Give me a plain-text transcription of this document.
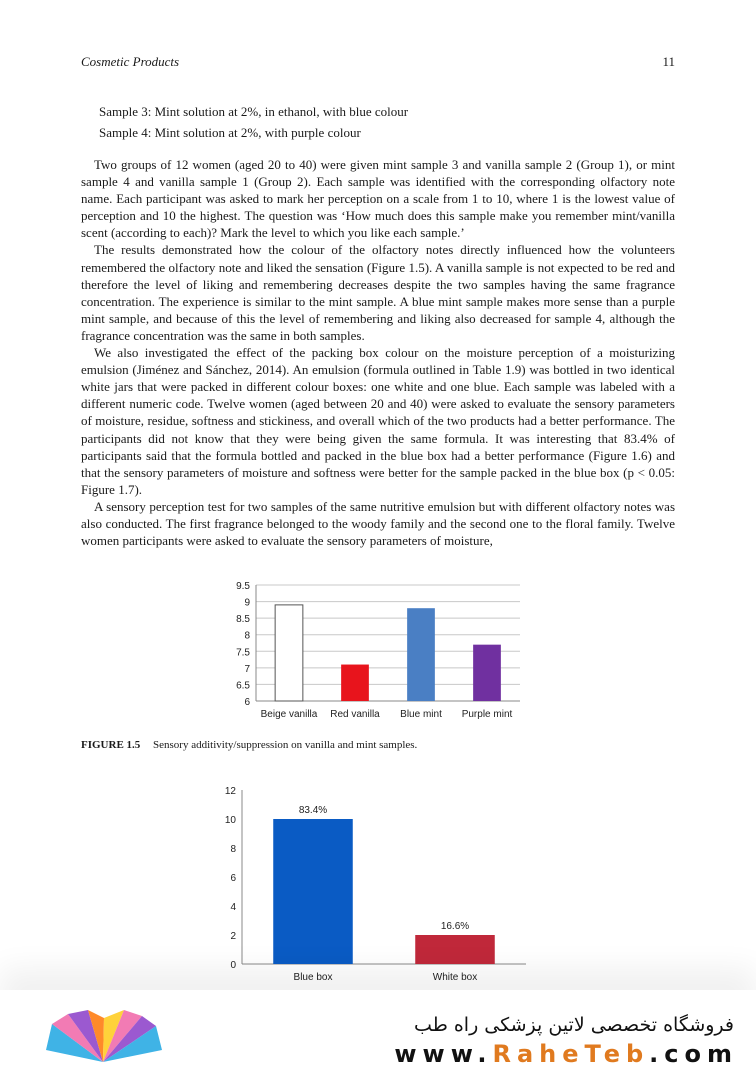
Cosmetic Products	11
Sample 3: Mint solution at 2%, in ethanol, with blue colour
Sample 4: Mint solution at 2%, with purple colour

Two groups of 12 women (aged 20 to 40) were given mint sample 3 and vanilla sample 2 (Group 1), or mint sample 4 and vanilla sample 1 (Group 2). Each sample was identified with the corresponding olfactory note name. Each participant was asked to mark her perception on a scale from 1 to 10, where 1 is the lowest value of perception and 10 the highest. The question was ‘How much does this sample make you remember mint/vanilla scent (according to each)? Mark the level to which you like each sample.’

The results demonstrated how the colour of the olfactory notes directly influenced how the volunteers remembered the olfactory note and liked the sensation (Figure 1.5). A vanilla sample is not expected to be red and therefore the level of liking and remembering decreases despite the two samples having the same fragrance concentration. The experience is similar to the mint sample. A blue mint sample makes more sense than a purple mint sample, and because of this the level of remembering and liking also decreased for sample 4, although the fragrance concentration was the same in both samples.

We also investigated the effect of the packing box colour on the moisture perception of a moisturizing emulsion (Jiménez and Sánchez, 2014). An emulsion (formula outlined in Table 1.9) was bottled in two identical white jars that were packed in different colour boxes: one white and one blue. Each sample was labeled with a different numeric code. Twelve women (aged between 20 and 40) were asked to evaluate the sensory parameters of moisture, residue, softness and stickiness, and overall which of the two products had a better performance. The participants did not know that they were being given the same formula. It was interesting that 83.4% of participants said that the formula bottled and packed in the blue box had a better performance (Figure 1.6) and that the sensory parameters of moisture and softness were better for the sample packed in the blue box (p < 0.05: Figure 1.7).

A sensory perception test for two samples of the same nutritive emulsion but with different olfactory notes was also conducted. The first fragrance belonged to the woody family and the second one to the floral family. Twelve women participants were asked to evaluate the sensory parameters of moisture,

6
6.5
7
7.5
8
8.5
9
9.5
Beige vanilla Red vanilla Blue mint Purple mint
FIGURE 1.5 Sensory additivity/suppression on vanilla and mint samples.
0
2
4
6
8
10
12
Blue box
83.4%
White box
16.6%
فروشگاه تخصصی لاتین پزشکی راه طب
www.RaheTeb.com
